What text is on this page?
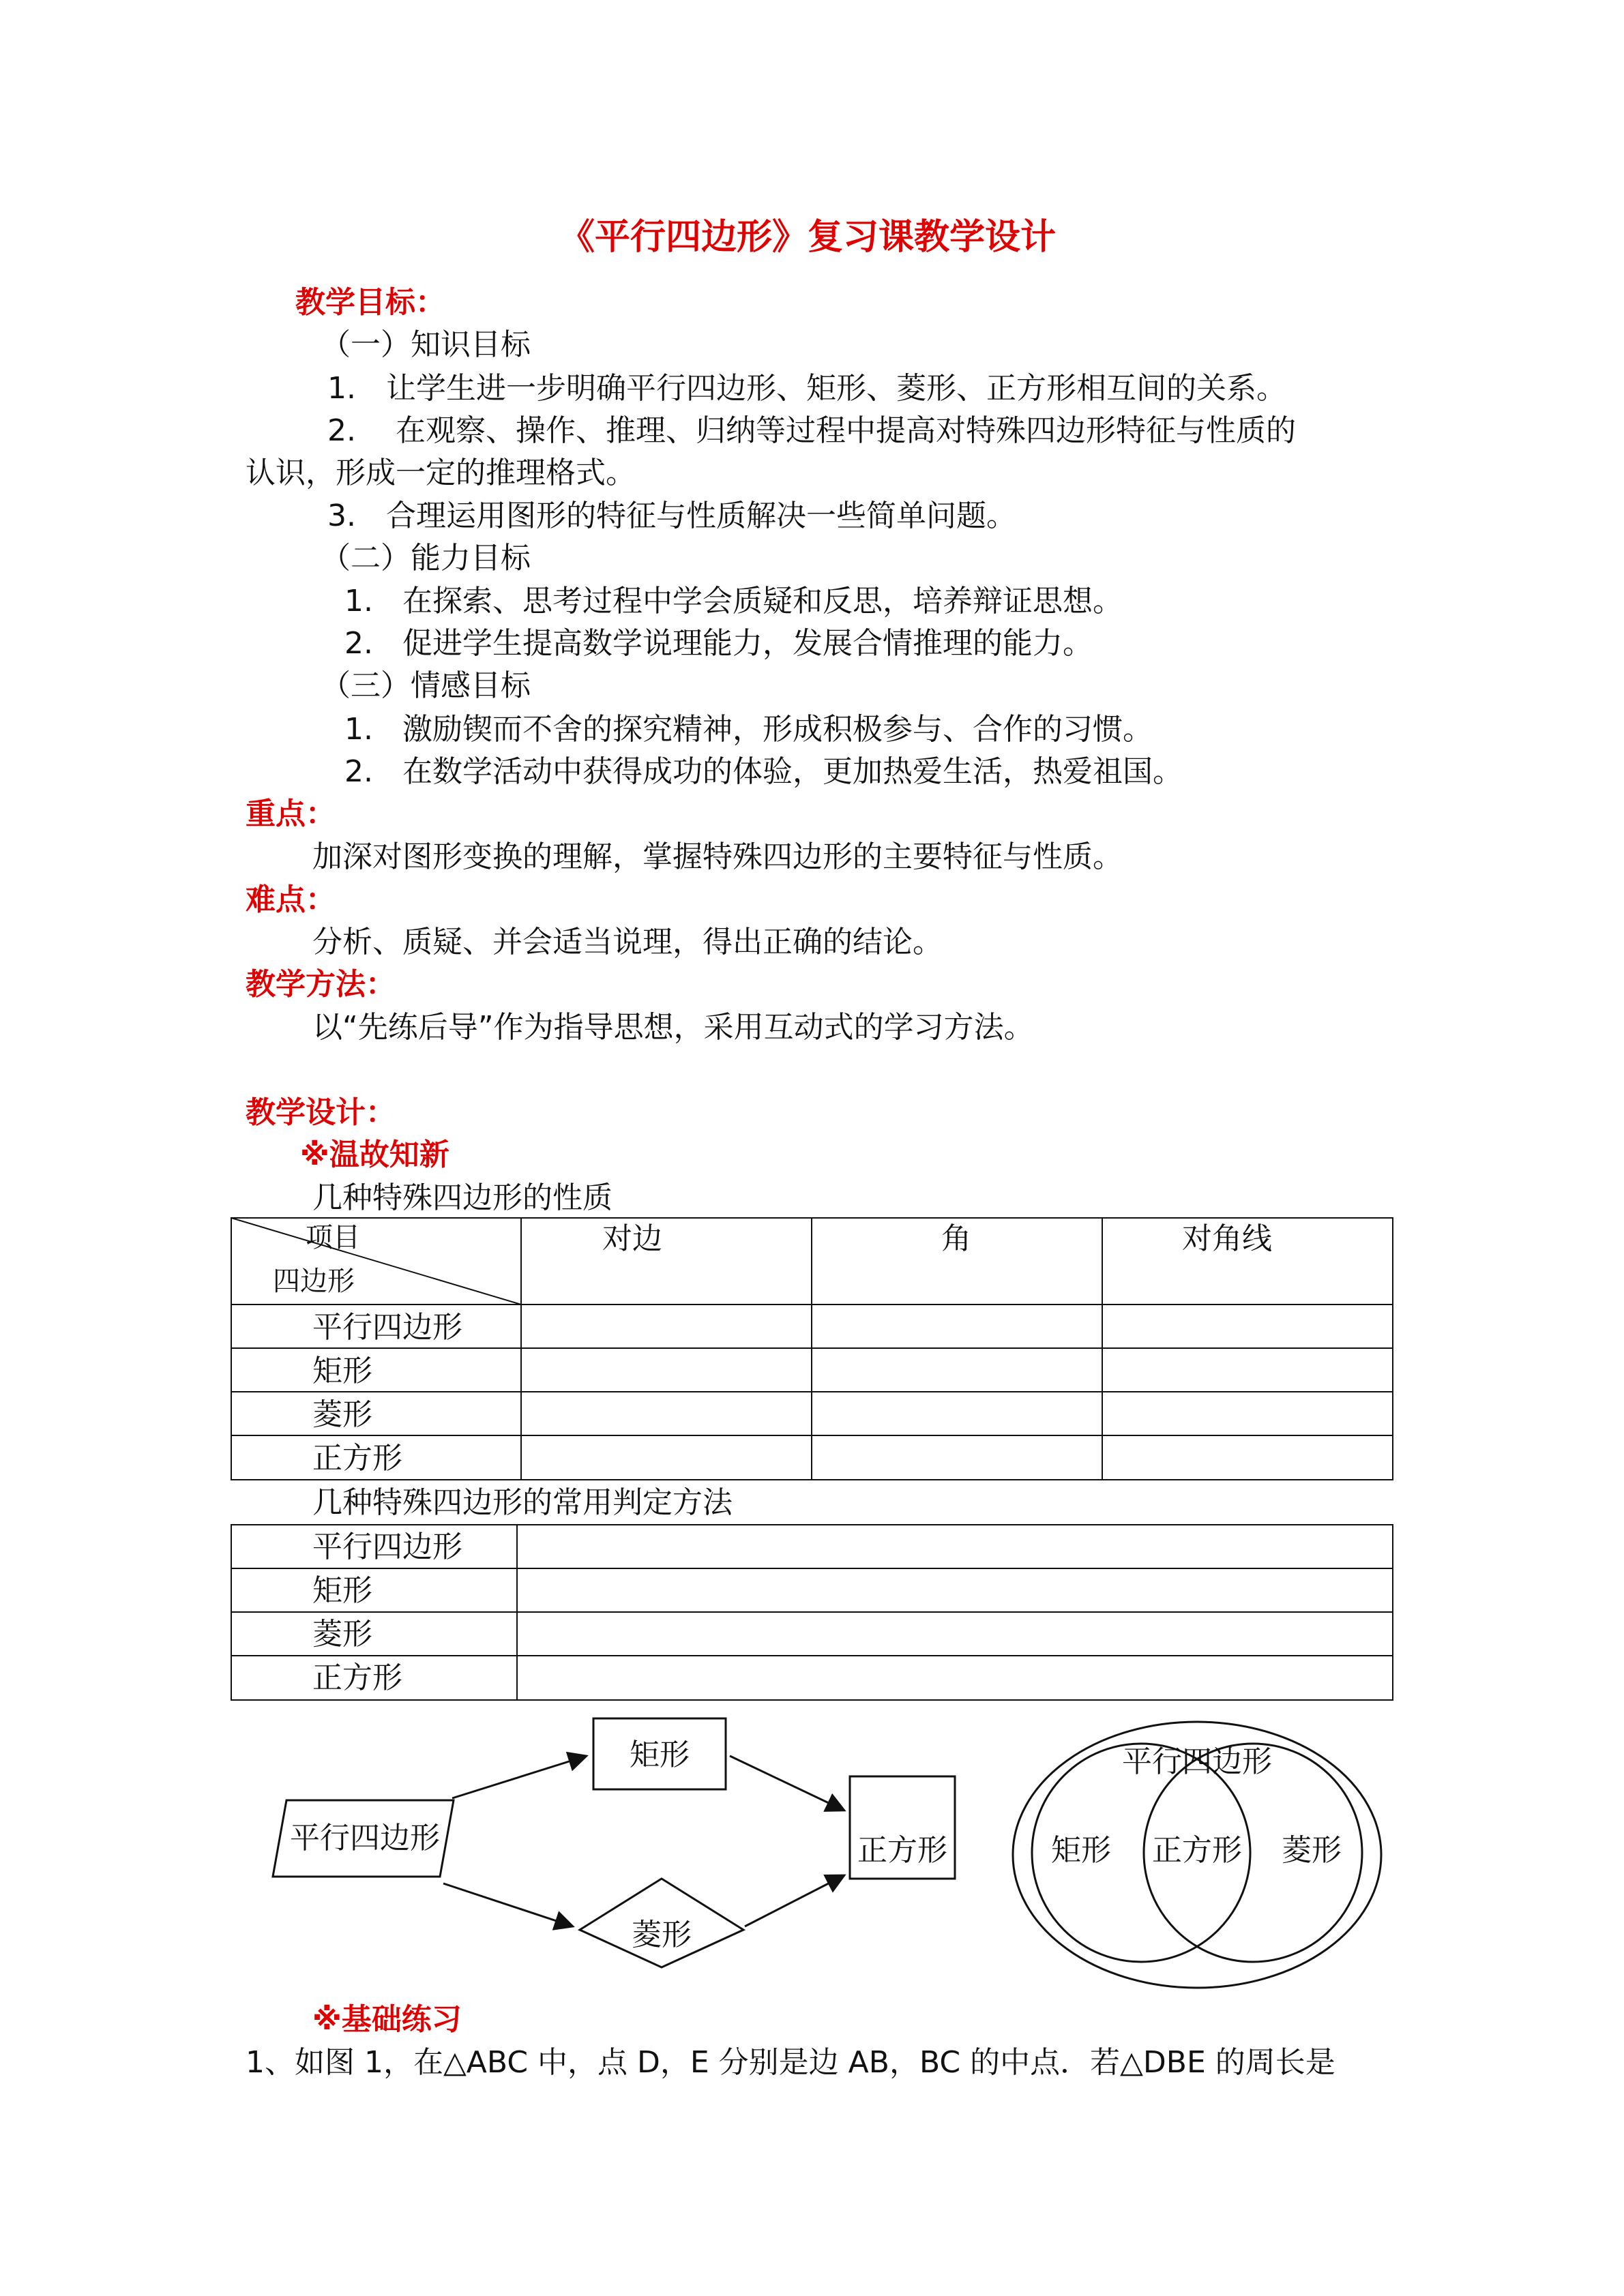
《平行四边形》复习课教学设计
教学目标：
（一）知识目标
1. 让学生进一步明确平行四边形、矩形、菱形、正方形相互间的关系。
2. 在观察、操作、推理、归纳等过程中提高对特殊四边形特征与性质的
认识，形成一定的推理格式。
3. 合理运用图形的特征与性质解决一些简单问题。
（二）能力目标
1. 在探索、思考过程中学会质疑和反思，培养辩证思想。
2. 促进学生提高数学说理能力，发展合情推理的能力。
（三）情感目标
1. 激励锲而不舍的探究精神，形成积极参与、合作的习惯。
2. 在数学活动中获得成功的体验，更加热爱生活，热爱祖国。
重点：
加深对图形变换的理解，掌握特殊四边形的主要特征与性质。
难点：
分析、质疑、并会适当说理，得出正确的结论。
教学方法：
以“先练后导”作为指导思想，采用互动式的学习方法。
教学设计：
※温故知新
几种特殊四边形的性质
项目
四边形
对边	角	对角线
平行四边形
矩形
菱形
正方形
几种特殊四边形的常用判定方法
平行四边形
矩形
菱形
正方形
平行四边形
矩形
菱形
正方形
平行四边形
矩形 正方形 菱形
※基础练习
1、如图 1，在△ABC 中，点 D，E 分别是边 AB，BC 的中点．若△DBE 的周长是
